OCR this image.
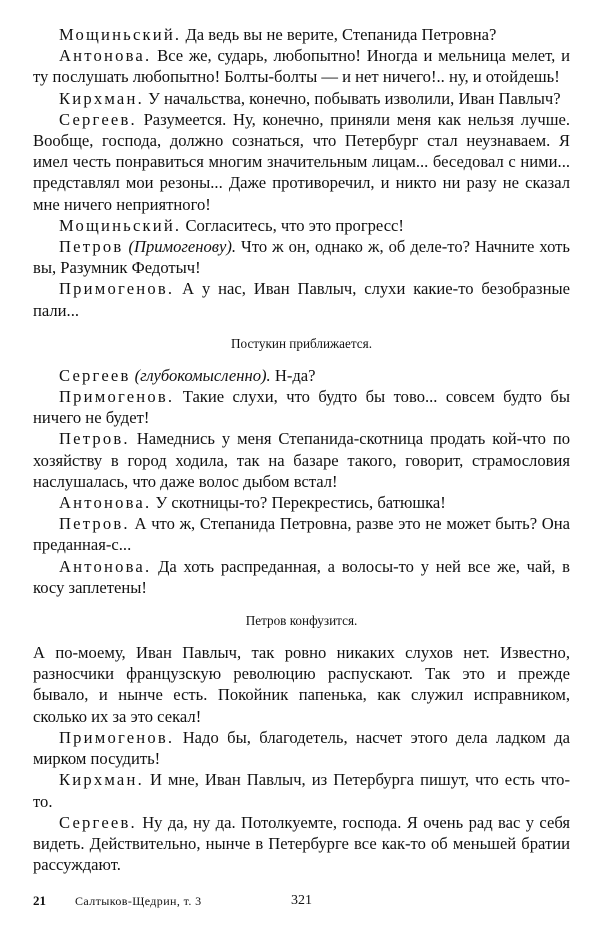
Мощиньский. Да ведь вы не верите, Степанида Петровна?

Антонова. Все же, сударь, любопытно! Иногда и мельница мелет, и ту послушать любопытно! Болты-болты — и нет ничего!.. ну, и отойдешь!

Кирхман. У начальства, конечно, побывать изволили, Иван Павлыч?

Сергеев. Разумеется. Ну, конечно, приняли меня как нельзя лучше. Вообще, господа, должно сознаться, что Петербург стал неузнаваем. Я имел честь понравиться многим значительным лицам... беседовал с ними... представлял мои резоны... Даже противоречил, и никто ни разу не сказал мне ничего неприятного!

Мощиньский. Согласитесь, что это прогресс!

Петров (Примогенову). Что ж он, однако ж, об деле-то? Начните хоть вы, Разумник Федотыч!

Примогенов. А у нас, Иван Павлыч, слухи какие-то безобразные пали...

Постукин приближается.

Сергеев (глубокомысленно). Н-да?

Примогенов. Такие слухи, что будто бы тово... совсем будто бы ничего не будет!

Петров. Намеднись у меня Степанида-скотница продать кой-что по хозяйству в город ходила, так на базаре такого, говорит, страмословия наслушалась, что даже волос дыбом встал!

Антонова. У скотницы-то? Перекрестись, батюшка!

Петров. А что ж, Степанида Петровна, разве это не может быть? Она преданная-с...

Антонова. Да хоть распреданная, а волосы-то у ней все же, чай, в косу заплетены!

Петров конфузится.

А по-моему, Иван Павлыч, так ровно никаких слухов нет. Известно, разносчики французскую революцию распускают. Так это и прежде бывало, и нынче есть. Покойник папенька, как служил исправником, сколько их за это секал!

Примогенов. Надо бы, благодетель, насчет этого дела ладком да мирком посудить!

Кирхман. И мне, Иван Павлыч, из Петербурга пишут, что есть что-то.

Сергеев. Ну да, ну да. Потолкуемте, господа. Я очень рад вас у себя видеть. Действительно, нынче в Петербурге все как-то об меньшей братии рассуждают.

21 Салтыков-Щедрин, т. 3	321
